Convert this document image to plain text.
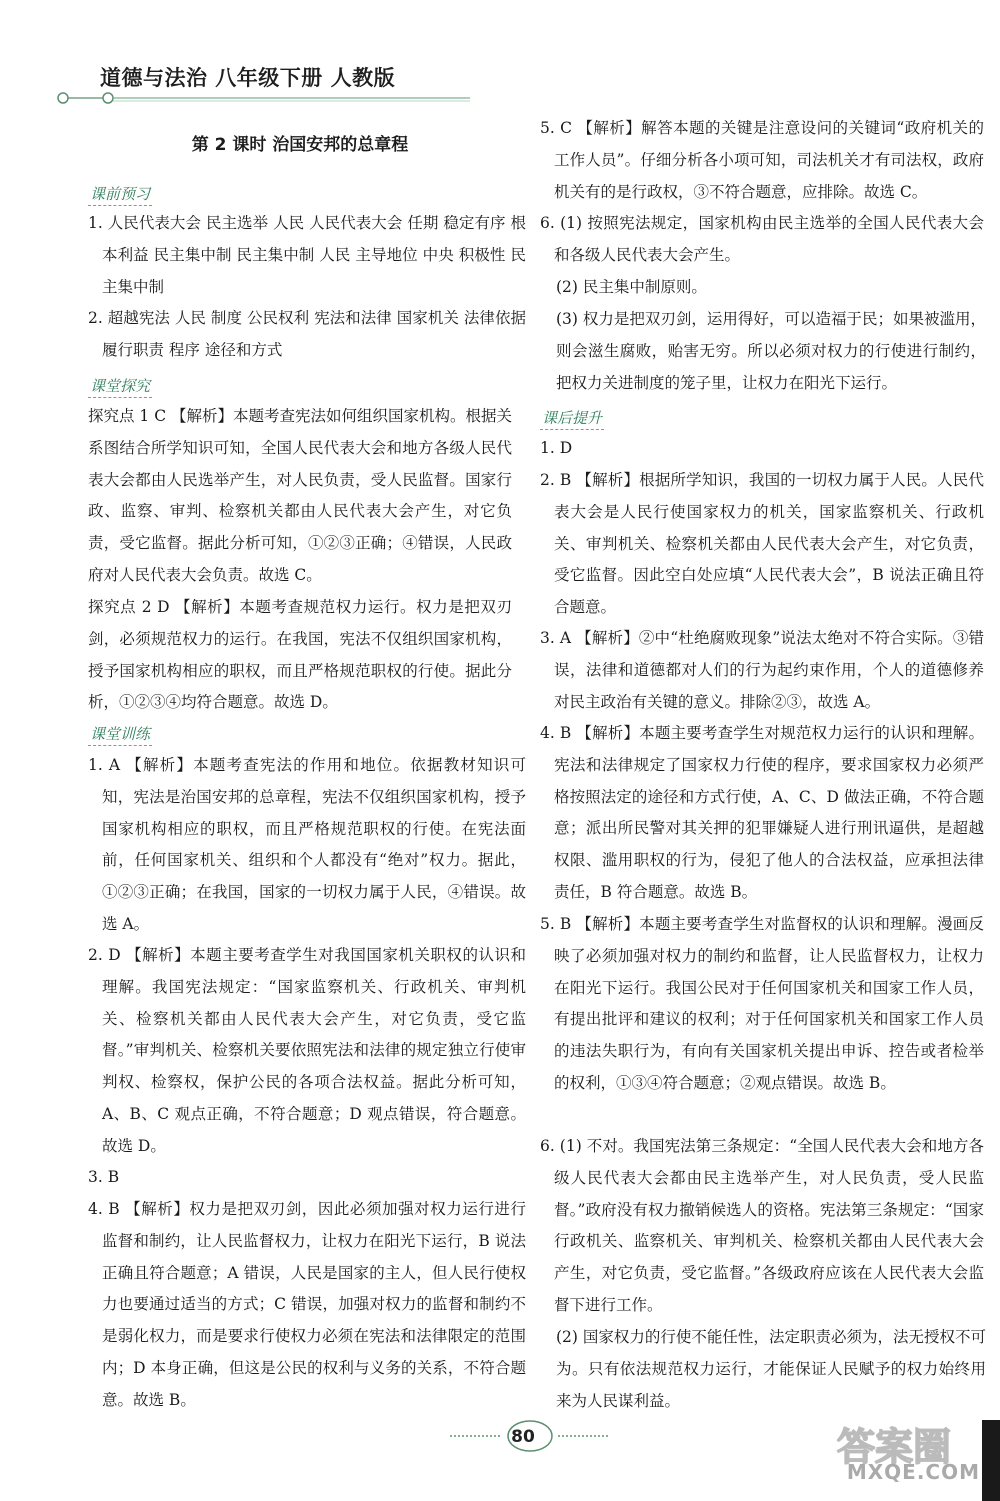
道德与法治 八年级下册 人教版
第 2 课时 治国安邦的总章程
课前预习
1. 人民代表大会 民主选举 人民 人民代表大会 任期 稳定有序 根本利益 民主集中制 民主集中制 人民 主导地位 中央 积极性 民主集中制
2. 超越宪法 人民 制度 公民权利 宪法和法律 国家机关 法律依据 履行职责 程序 途径和方式
课堂探究
探究点 1 C 【解析】本题考查宪法如何组织国家机构。根据关系图结合所学知识可知，全国人民代表大会和地方各级人民代表大会都由人民选举产生，对人民负责，受人民监督。国家行政、监察、审判、检察机关都由人民代表大会产生，对它负责，受它监督。据此分析可知，①②③正确；④错误，人民政府对人民代表大会负责。故选 C。
探究点 2 D 【解析】本题考查规范权力运行。权力是把双刃剑，必须规范权力的运行。在我国，宪法不仅组织国家机构，授予国家机构相应的职权，而且严格规范职权的行使。据此分析，①②③④均符合题意。故选 D。
课堂训练
1. A 【解析】本题考查宪法的作用和地位。依据教材知识可知，宪法是治国安邦的总章程，宪法不仅组织国家机构，授予国家机构相应的职权，而且严格规范职权的行使。在宪法面前，任何国家机关、组织和个人都没有“绝对”权力。据此，①②③正确；在我国，国家的一切权力属于人民，④错误。故选 A。
2. D 【解析】本题主要考查学生对我国国家机关职权的认识和理解。我国宪法规定：“国家监察机关、行政机关、审判机关、检察机关都由人民代表大会产生，对它负责，受它监督。”审判机关、检察机关要依照宪法和法律的规定独立行使审判权、检察权，保护公民的各项合法权益。据此分析可知，A、B、C 观点正确，不符合题意；D 观点错误，符合题意。故选 D。
3. B
4. B 【解析】权力是把双刃剑，因此必须加强对权力运行进行监督和制约，让人民监督权力，让权力在阳光下运行，B 说法正确且符合题意；A 错误，人民是国家的主人，但人民行使权力也要通过适当的方式；C 错误，加强对权力的监督和制约不是弱化权力，而是要求行使权力必须在宪法和法律限定的范围内；D 本身正确，但这是公民的权利与义务的关系，不符合题意。故选 B。
5. C 【解析】解答本题的关键是注意设问的关键词“政府机关的工作人员”。仔细分析各小项可知，司法机关才有司法权，政府机关有的是行政权，③不符合题意，应排除。故选 C。
6. (1) 按照宪法规定，国家机构由民主选举的全国人民代表大会和各级人民代表大会产生。
(2) 民主集中制原则。
(3) 权力是把双刃剑，运用得好，可以造福于民；如果被滥用，则会滋生腐败，贻害无穷。所以必须对权力的行使进行制约，把权力关进制度的笼子里，让权力在阳光下运行。
课后提升
1. D
2. B 【解析】根据所学知识，我国的一切权力属于人民。人民代表大会是人民行使国家权力的机关，国家监察机关、行政机关、审判机关、检察机关都由人民代表大会产生，对它负责，受它监督。因此空白处应填“人民代表大会”，B 说法正确且符合题意。
3. A 【解析】②中“杜绝腐败现象”说法太绝对不符合实际。③错误，法律和道德都对人们的行为起约束作用，个人的道德修养对民主政治有关键的意义。排除②③，故选 A。
4. B 【解析】本题主要考查学生对规范权力运行的认识和理解。宪法和法律规定了国家权力行使的程序，要求国家权力必须严格按照法定的途径和方式行使，A、C、D 做法正确，不符合题意；派出所民警对其关押的犯罪嫌疑人进行刑讯逼供，是超越权限、滥用职权的行为，侵犯了他人的合法权益，应承担法律责任，B 符合题意。故选 B。
5. B 【解析】本题主要考查学生对监督权的认识和理解。漫画反映了必须加强对权力的制约和监督，让人民监督权力，让权力在阳光下运行。我国公民对于任何国家机关和国家工作人员，有提出批评和建议的权利；对于任何国家机关和国家工作人员的违法失职行为，有向有关国家机关提出申诉、控告或者检举的权利，①③④符合题意；②观点错误。故选 B。
6. (1) 不对。我国宪法第三条规定：“全国人民代表大会和地方各级人民代表大会都由民主选举产生，对人民负责，受人民监督。”政府没有权力撤销候选人的资格。宪法第三条规定：“国家行政机关、监察机关、审判机关、检察机关都由人民代表大会产生，对它负责，受它监督。”各级政府应该在人民代表大会监督下进行工作。
(2) 国家权力的行使不能任性，法定职责必须为，法无授权不可为。只有依法规范权力运行，才能保证人民赋予的权力始终用来为人民谋利益。
80	答案圈
MXQE.COM
